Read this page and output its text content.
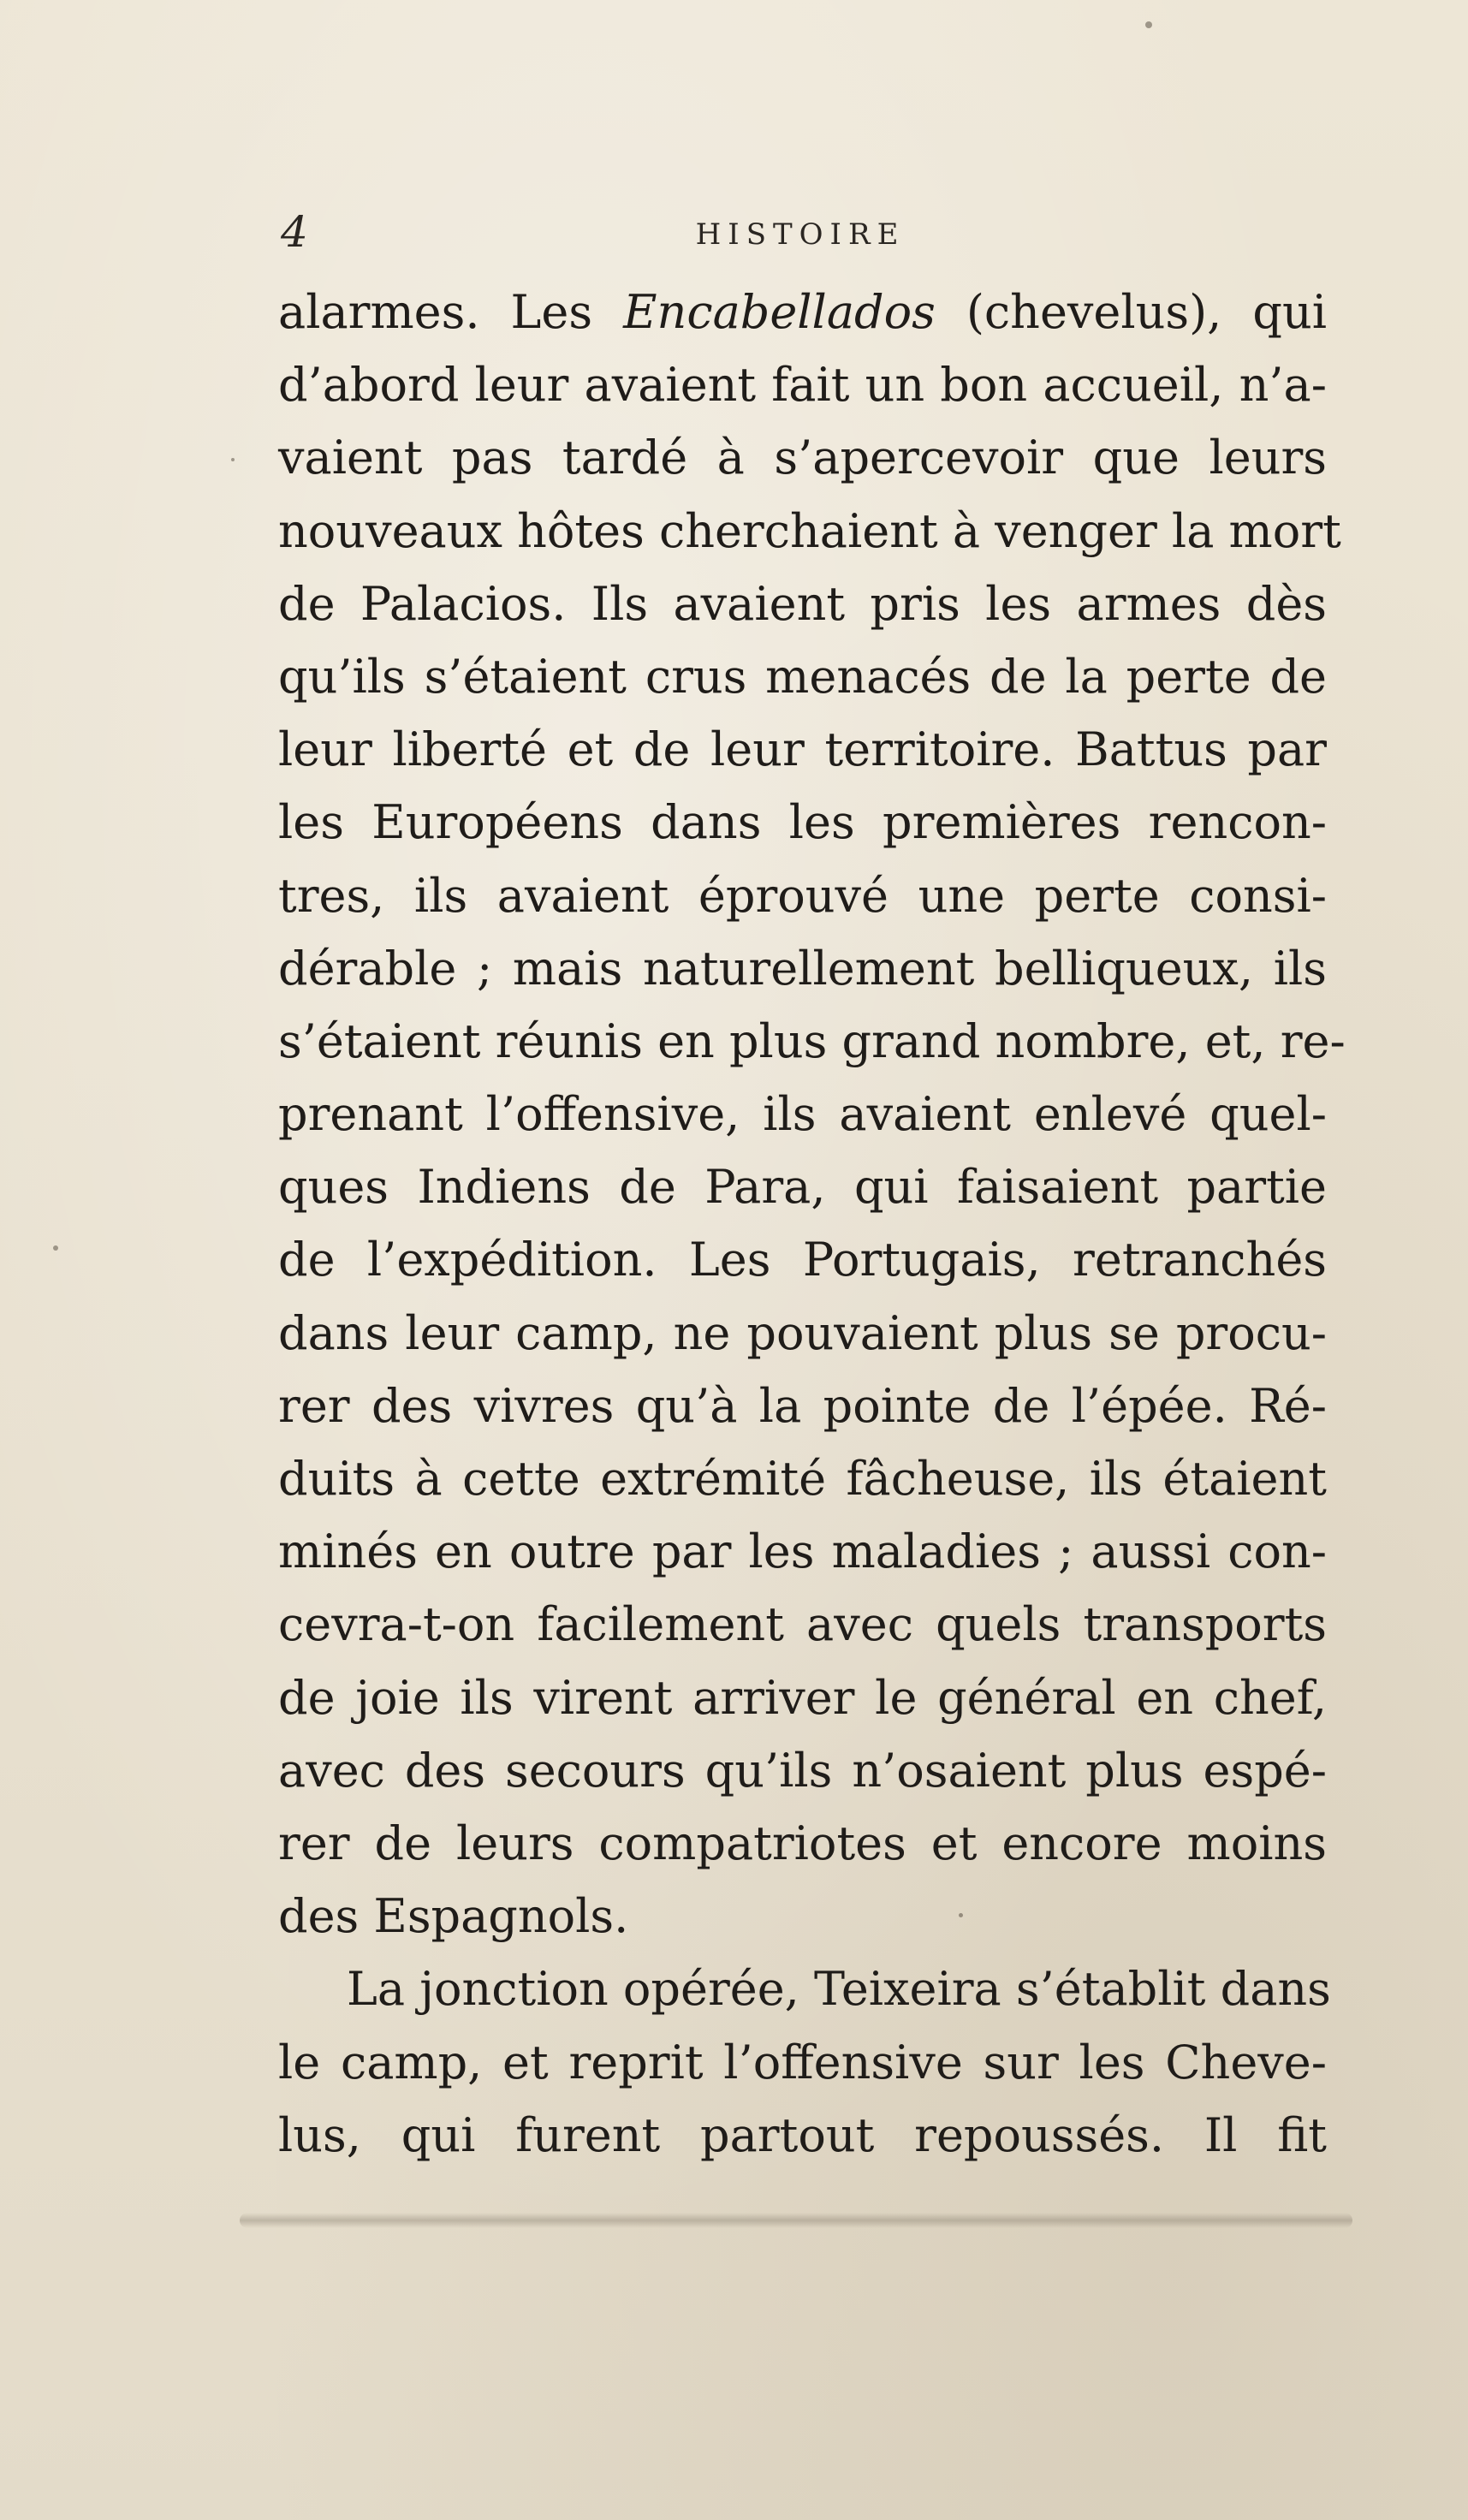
4	HISTOIRE
alarmes. Les Encabellados (chevelus), qui
d’abord leur avaient fait un bon accueil, n’a-
vaient pas tardé à s’apercevoir que leurs
nouveaux hôtes cherchaient à venger la mort
de Palacios. Ils avaient pris les armes dès
qu’ils s’étaient crus menacés de la perte de
leur liberté et de leur territoire. Battus par
les Européens dans les premières rencon-
tres, ils avaient éprouvé une perte consi-
dérable ; mais naturellement belliqueux, ils
s’étaient réunis en plus grand nombre, et, re-
prenant l’offensive, ils avaient enlevé quel-
ques Indiens de Para, qui faisaient partie
de l’expédition. Les Portugais, retranchés
dans leur camp, ne pouvaient plus se procu-
rer des vivres qu’à la pointe de l’épée. Ré-
duits à cette extrémité fâcheuse, ils étaient
minés en outre par les maladies ; aussi con-
cevra-t-on facilement avec quels transports
de joie ils virent arriver le général en chef,
avec des secours qu’ils n’osaient plus espé-
rer de leurs compatriotes et encore moins
des Espagnols.
La jonction opérée, Teixeira s’établit dans
le camp, et reprit l’offensive sur les Cheve-
lus, qui furent partout repoussés. Il fit
